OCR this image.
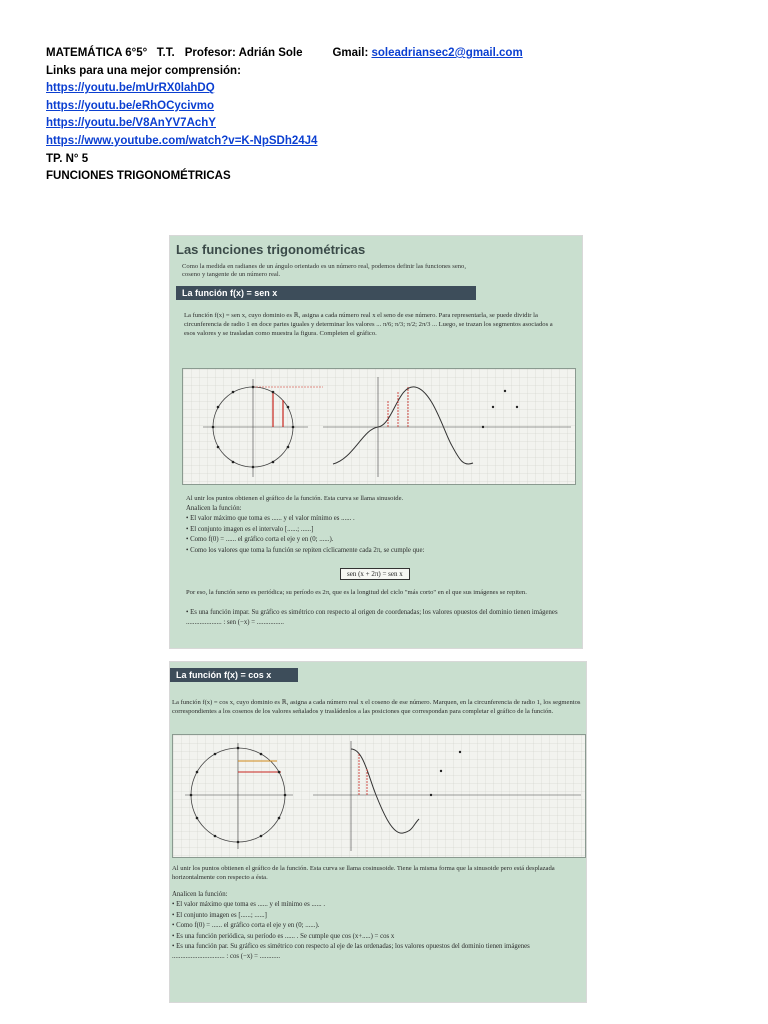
MATEMÁTICA 6°5°   T.T. Profesor: Adrián Sole	Gmail: soleadriansec2@gmail.com
Links para una mejor comprensión:
https://youtu.be/mUrRX0lahDQ
https://youtu.be/eRhOCycivmo
https://youtu.be/V8AnYV7AchY
https://www.youtube.com/watch?v=K-NpSDh24J4
TP. N° 5
FUNCIONES TRIGONOMÉTRICAS
Las funciones trigonométricas
Como la medida en radianes de un ángulo orientado es un número real, podemos definir las funciones seno, coseno y tangente de un número real.
La función f(x) = sen x
La función f(x) = sen x, cuyo dominio es ℝ, asigna a cada número real x el seno de ese número. Para representarla, se puede dividir la circunferencia de radio 1 en doce partes iguales y determinar los valores ... π/6; π/3; π/2; 2π/3 ... Luego, se trazan los segmentos asociados a esos valores y se trasladan como muestra la figura. Completen el gráfico.
Al unir los puntos obtienen el gráfico de la función. Esta curva se llama sinusoide.
Analicen la función:
• El valor máximo que toma es ...... y el valor mínimo es ...... .
• El conjunto imagen es el intervalo [......; ......]
• Como f(0) = ...... el gráfico corta el eje y en (0; ......).
• Como los valores que toma la función se repiten cíclicamente cada 2π, se cumple que:
sen (x + 2π) = sen x
Por eso, la función seno es periódica; su período es 2π, que es la longitud del ciclo "más corto" en el que sus imágenes se repiten.
• Es una función impar. Su gráfico es simétrico con respecto al origen de coordenadas; los valores opuestos del dominio tienen imágenes ..................... : sen (−x) = ................
La función f(x) = cos x
La función f(x) = cos x, cuyo dominio es ℝ, asigna a cada número real x el coseno de ese número. Marquen, en la circunferencia de radio 1, los segmentos correspondientes a los cosenos de los valores señalados y trasládenlos a las posiciones que correspondan para completar el gráfico de la función.
Al unir los puntos obtienen el gráfico de la función. Esta curva se llama cosinusoide. Tiene la misma forma que la sinusoide pero está desplazada horizontalmente con respecto a ésta.
Analicen la función:
• El valor máximo que toma es ...... y el mínimo es ...... .
• El conjunto imagen es [......; ......]
• Como f(0) = ...... el gráfico corta el eje y en (0; ......).
• Es una función periódica, su período es ...... . Se cumple que cos (x+.....) = cos x
• Es una función par. Su gráfico es simétrico con respecto al eje de las ordenadas; los valores opuestos del dominio tienen imágenes ............................... : cos (−x) = ............
